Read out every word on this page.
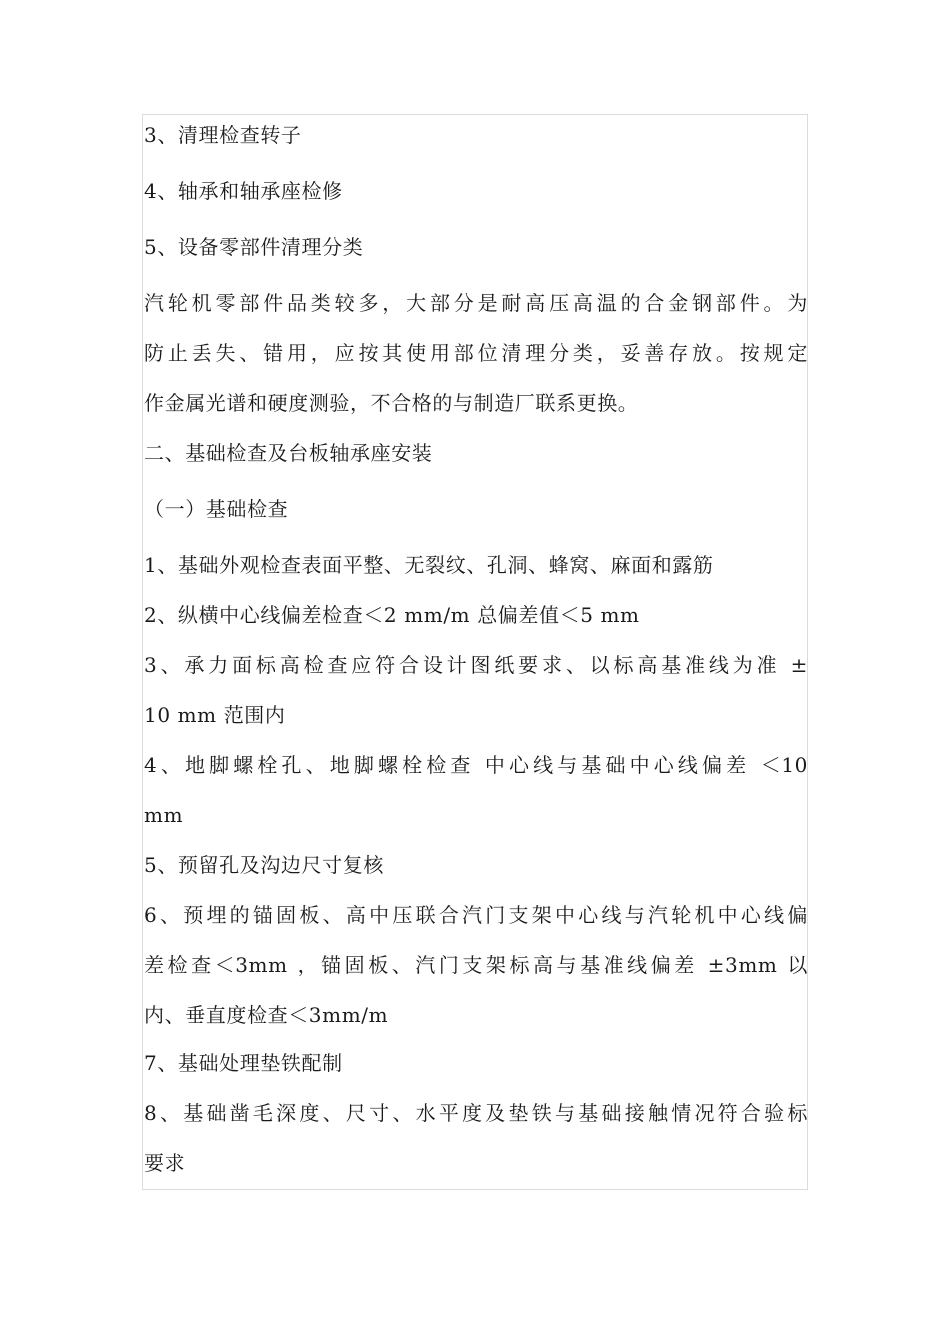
3、清理检查转子
4、轴承和轴承座检修
5、设备零部件清理分类
汽轮机零部件品类较多，大部分是耐高压高温的合金钢部件。为
防止丢失、错用，应按其使用部位清理分类，妥善存放。按规定
作金属光谱和硬度测验，不合格的与制造厂联系更换。
二、基础检查及台板轴承座安装
（一）基础检查
1、基础外观检查表面平整、无裂纹、孔洞、蜂窝、麻面和露筋
2、纵横中心线偏差检查＜2 mm/m 总偏差值＜5 mm
3、承力面标高检查应符合设计图纸要求、以标高基准线为准 ±
10 mm 范围内
4、地脚螺栓孔、地脚螺栓检查 中心线与基础中心线偏差 ＜10
mm
5、预留孔及沟边尺寸复核
6、预埋的锚固板、高中压联合汽门支架中心线与汽轮机中心线偏
差检查＜3mm ，锚固板、汽门支架标高与基准线偏差 ±3mm 以
内、垂直度检查＜3mm/m
7、基础处理垫铁配制
8、基础凿毛深度、尺寸、水平度及垫铁与基础接触情况符合验标
要求
